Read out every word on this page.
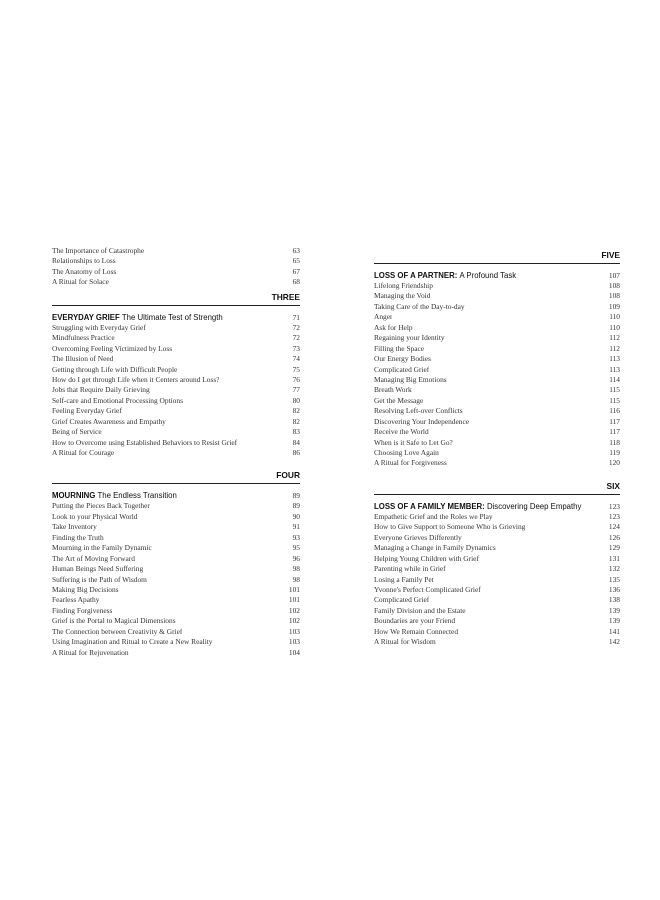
The Importance of Catastrophe	63
Relationships to Loss	65
The Anatomy of Loss	67
A Ritual for Solace	68
THREE
EVERYDAY GRIEF The Ultimate Test of Strength	71
Struggling with Everyday Grief	72
Mindfulness Practice	72
Overcoming Feeling Victimized by Loss	73
The Illusion of Need	74
Getting through Life with Difficult People	75
How do I get through Life when it Centers around Loss?	76
Jobs that Require Daily Grieving	77
Self-care and Emotional Processing Options	80
Feeling Everyday Grief	82
Grief Creates Awareness and Empathy	82
Being of Service	83
How to Overcome using Established Behaviors to Resist Grief	84
A Ritual for Courage	86
FOUR
MOURNING The Endless Transition	89
Putting the Pieces Back Together	89
Look to your Physical World	90
Take Inventory	91
Finding the Truth	93
Mourning in the Family Dynamic	95
The Art of Moving Forward	96
Human Beings Need Suffering	98
Suffering is the Path of Wisdom	98
Making Big Decisions	101
Fearless Apathy	101
Finding Forgiveness	102
Grief is the Portal to Magical Dimensions	102
The Connection between Creativity & Grief	103
Using Imagination and Ritual to Create a New Reality	103
A Ritual for Rejuvenation	104
FIVE
LOSS OF A PARTNER: A Profound Task	107
Lifelong Friendship	108
Managing the Void	108
Taking Care of the Day-to-day	109
Anger	110
Ask for Help	110
Regaining your Identity	112
Filling the Space	112
Our Energy Bodies	113
Complicated Grief	113
Managing Big Emotions	114
Breath Work	115
Get the Message	115
Resolving Left-over Conflicts	116
Discovering Your Independence	117
Receive the World	117
When is it Safe to Let Go?	118
Choosing Love Again	119
A Ritual for Forgiveness	120
SIX
LOSS OF A FAMILY MEMBER: Discovering Deep Empathy	123
Empathetic Grief and the Roles we Play	123
How to Give Support to Someone Who is Grieving	124
Everyone Grieves Differently	126
Managing a Change in Family Dynamics	129
Helping Young Children with Grief	131
Parenting while in Grief	132
Losing a Family Pet	135
Yvonne's Perfect Complicated Grief	136
Complicated Grief	138
Family Division and the Estate	139
Boundaries are your Friend	139
How We Remain Connected	141
A Ritual for Wisdom	142
